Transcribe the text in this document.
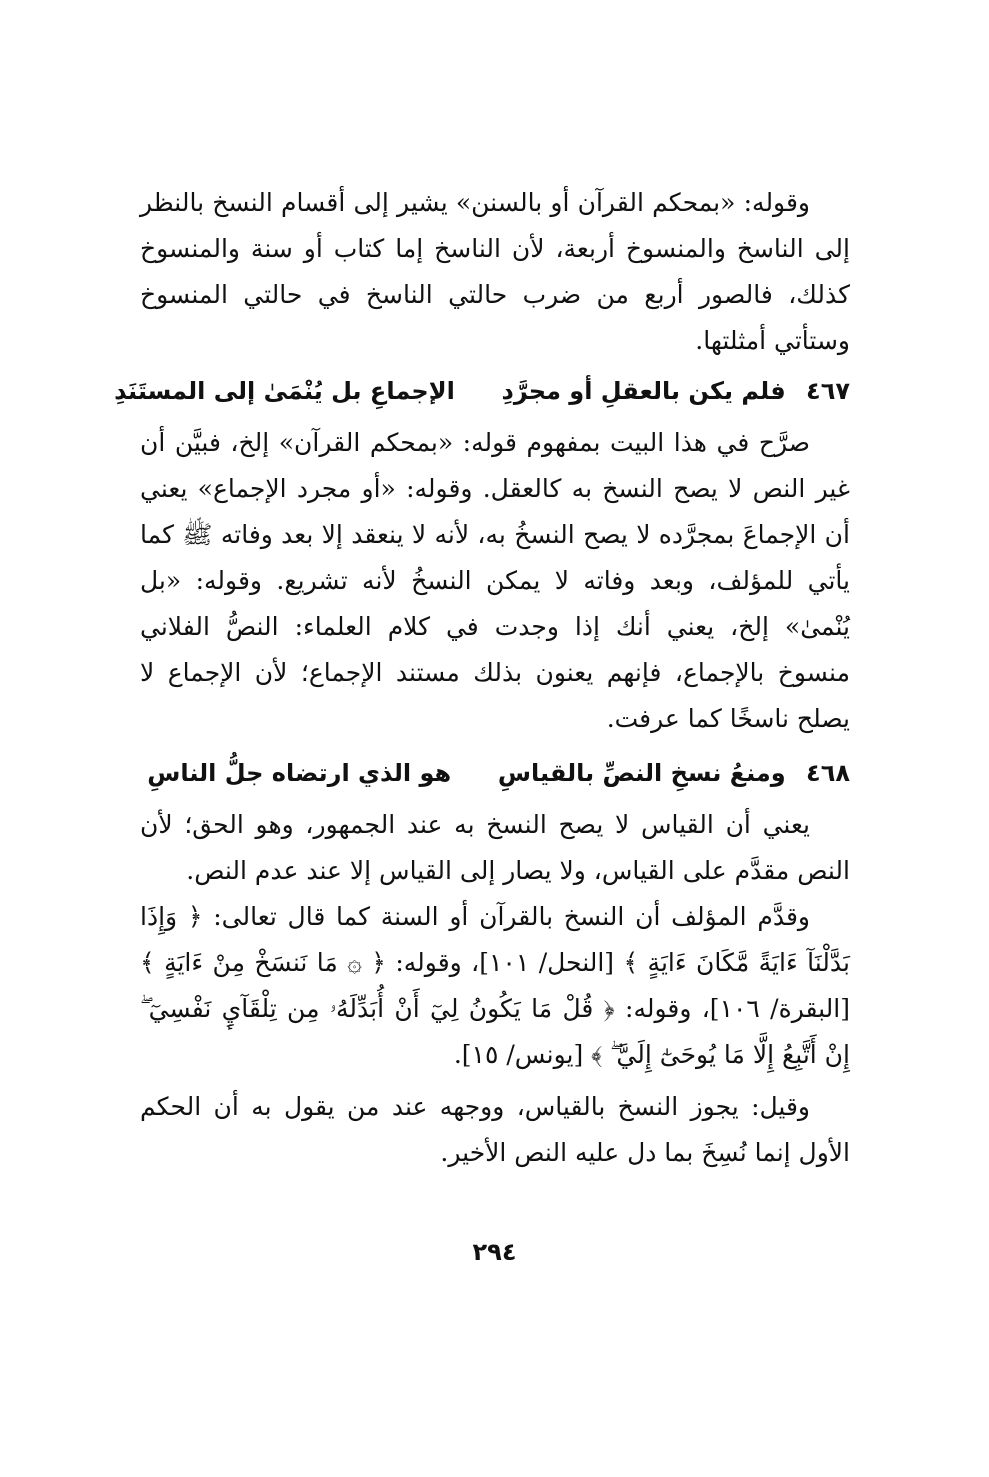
وقوله: «بمحكم القرآن أو بالسنن» يشير إلى أقسام النسخ بالنظر إلى الناسخ والمنسوخ أربعة، لأن الناسخ إما كتاب أو سنة والمنسوخ كذلك، فالصور أربع من ضرب حالتي الناسخ في حالتي المنسوخ وستأتي أمثلتها.

٤٦٧ فلم يكن بالعقلِ أو مجرَّدِ  الإجماعِ بل يُنْمَىٰ إلى المستَنَدِ

صرَّح في هذا البيت بمفهوم قوله: «بمحكم القرآن» إلخ، فبيَّن أن غير النص لا يصح النسخ به كالعقل. وقوله: «أو مجرد الإجماع» يعني أن الإجماعَ بمجرَّده لا يصح النسخُ به، لأنه لا ينعقد إلا بعد وفاته ﷺ كما يأتي للمؤلف، وبعد وفاته لا يمكن النسخُ لأنه تشريع. وقوله: «بل يُنْمىٰ» إلخ، يعني أنك إذا وجدت في كلام العلماء: النصُّ الفلاني منسوخ بالإجماع، فإنهم يعنون بذلك مستند الإجماع؛ لأن الإجماع لا يصلح ناسخًا كما عرفت.

٤٦٨ ومنعُ نسخِ النصِّ بالقياسِ  هو الذي ارتضاه جلُّ الناسِ

يعني أن القياس لا يصح النسخ به عند الجمهور، وهو الحق؛ لأن النص مقدَّم على القياس، ولا يصار إلى القياس إلا عند عدم النص.

وقدَّم المؤلف أن النسخ بالقرآن أو السنة كما قال تعالى: ﴿ وَإِذَا بَدَّلْنَآ ءَايَةً مَّكَانَ ءَايَةٍ ﴾ [النحل/ ١٠١]، وقوله: ﴿ ۞ مَا نَنسَخْ مِنْ ءَايَةٍ ﴾ [البقرة/ ١٠٦]، وقوله: ﴿ قُلْ مَا يَكُونُ لِيٓ أَنْ أُبَدِّلَهُۥ مِن تِلْقَآيِٕ نَفْسِيٓ ۖ إِنْ أَتَّبِعُ إِلَّا مَا يُوحَىٰٓ إِلَيَّ ۖ ﴾ [يونس/ ١٥].

وقيل: يجوز النسخ بالقياس، ووجهه عند من يقول به أن الحكم الأول إنما نُسِخَ بما دل عليه النص الأخير.

٢٩٤
